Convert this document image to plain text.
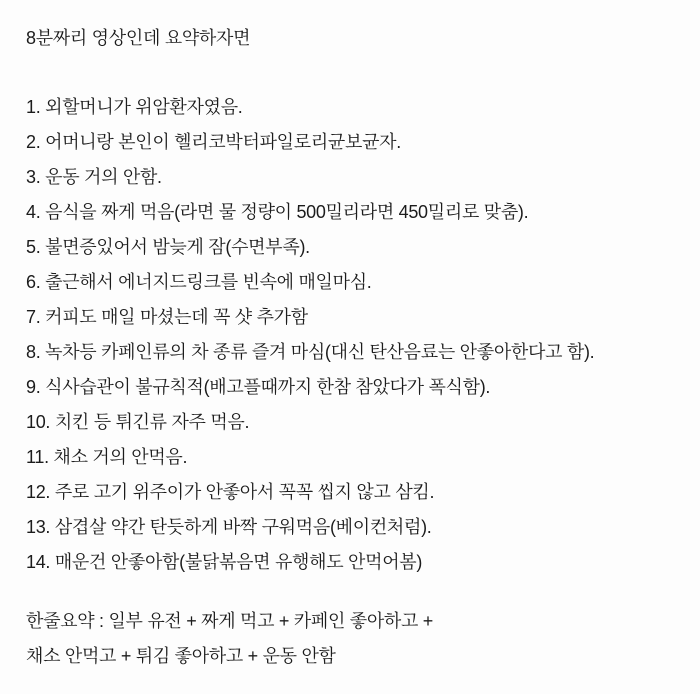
8분짜리 영상인데 요약하자면
1. 외할머니가 위암환자였음.
2. 어머니랑 본인이 헬리코박터파일로리균보균자.
3. 운동 거의 안함.
4. 음식을 짜게 먹음(라면 물 정량이 500밀리라면 450밀리로 맞춤).
5. 불면증있어서 밤늦게 잠(수면부족).
6. 출근해서 에너지드링크를 빈속에 매일마심.
7. 커피도 매일 마셨는데 꼭 샷 추가함
8. 녹차등 카페인류의 차 종류 즐겨 마심(대신 탄산음료는 안좋아한다고 함).
9. 식사습관이 불규칙적(배고플때까지 한참 참았다가 폭식함).
10. 치킨 등 튀긴류 자주 먹음.
11. 채소 거의 안먹음.
12. 주로 고기 위주이가 안좋아서 꼭꼭 씹지 않고 삼킴.
13. 삼겹살 약간 탄듯하게 바짝 구워먹음(베이컨처럼).
14. 매운건 안좋아함(불닭볶음면 유행해도 안먹어봄)
한줄요약 : 일부 유전 + 짜게 먹고 + 카페인 좋아하고 +
채소 안먹고 + 튀김 좋아하고 + 운동 안함
